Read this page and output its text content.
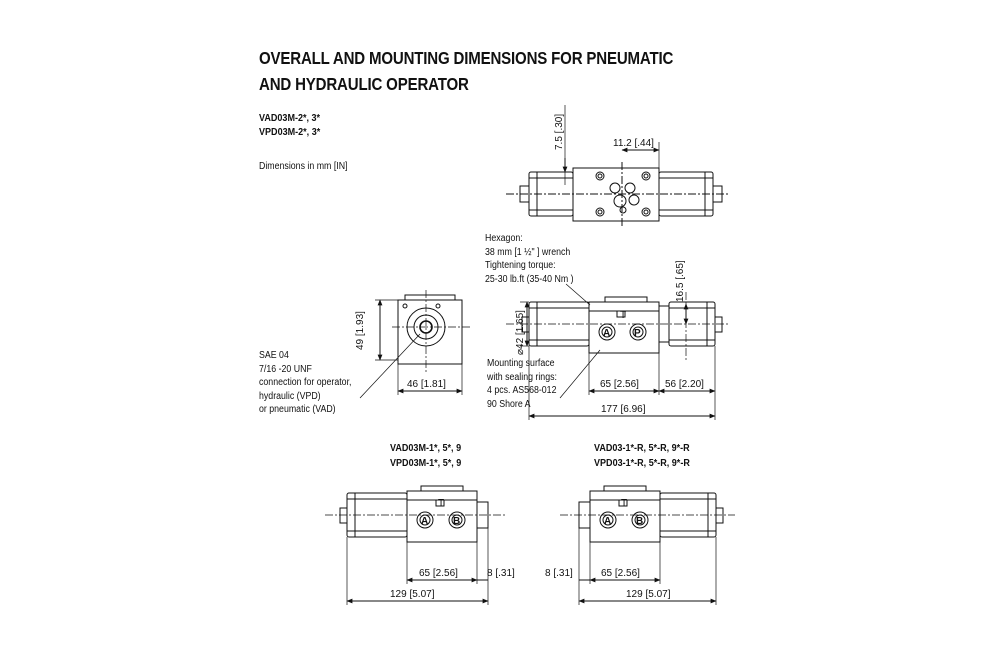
OVERALL AND MOUNTING DIMENSIONS FOR PNEUMATIC
AND HYDRAULIC OPERATOR
VAD03M-2*, 3*
VPD03M-2*, 3*
Dimensions in mm [IN]
Hexagon:
38 mm [1 ½" ] wrench
Tightening torque:
25-30 lb.ft (35-40 Nm )
SAE 04
7/16 -20 UNF
connection for operator,
hydraulic (VPD)
or pneumatic (VAD)
Mounting surface
with sealing rings:
4 pcs. AS568-012
90 Shore A
VAD03M-1*, 5*, 9
VPD03M-1*, 5*, 9
VAD03-1*-R, 5*-R, 9*-R
VPD03-1*-R, 5*-R, 9*-R
7.5 [.30]	11.2 [.44]
49 [1.93]
46 [1.81]
T
A P
⌀42 [1.65]
16.5 [.65]
65 [2.56]	56 [2.20]
177 [6.96]
T
A B
65 [2.56]	8 [.31]
129 [5.07]
T
A B
8 [.31]	65 [2.56]
129 [5.07]
